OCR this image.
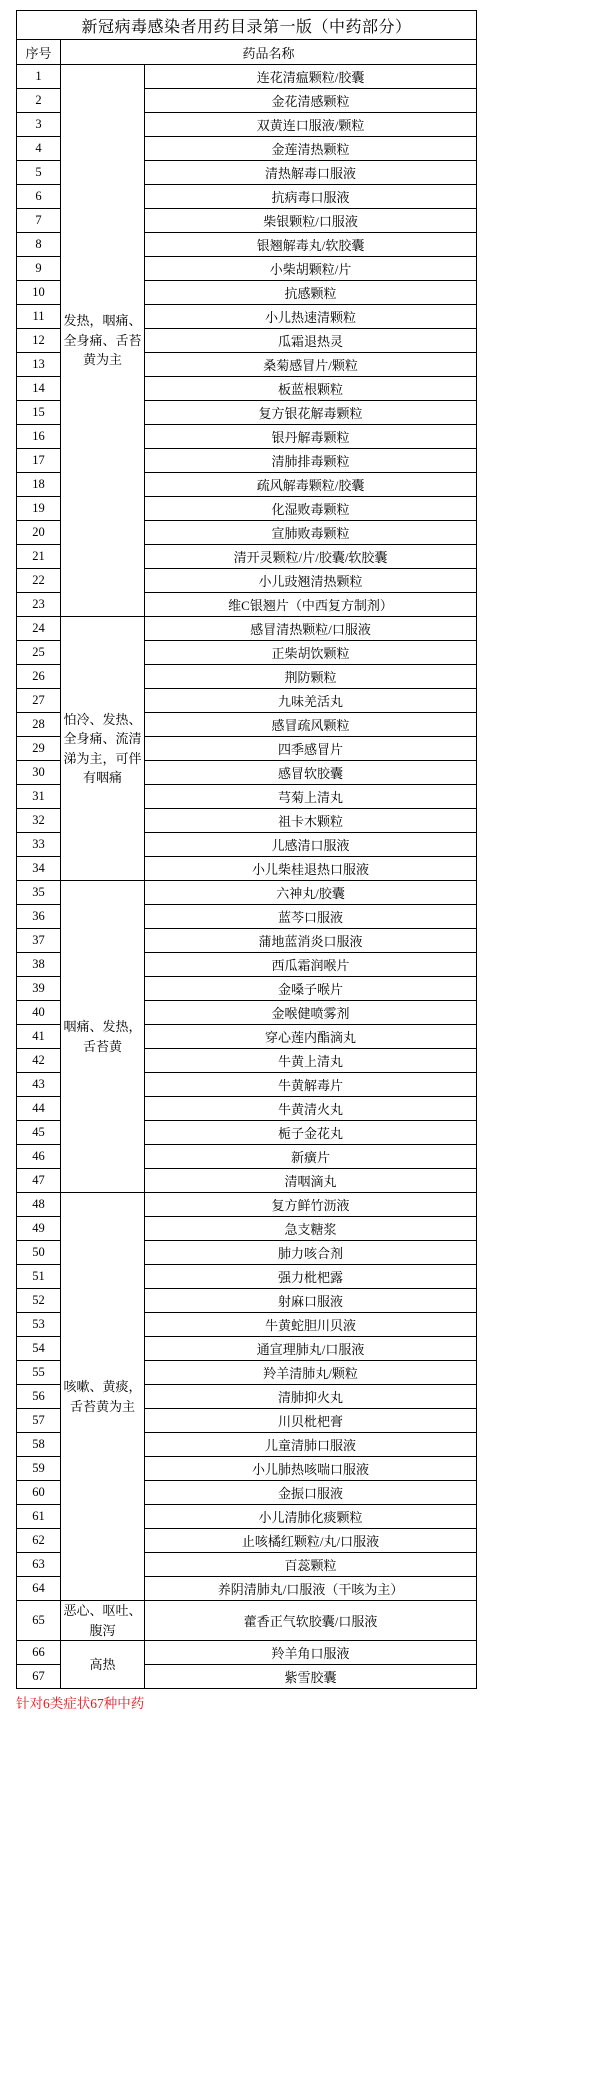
新冠病毒感染者用药目录第一版（中药部分）		
序号	药品名称	
1	发热，咽痛、全身痛、舌苔黄为主	连花清瘟颗粒/胶囊
2		金花清感颗粒
3		双黄连口服液/颗粒
4		金莲清热颗粒
5		清热解毒口服液
6		抗病毒口服液
7		柴银颗粒/口服液
8		银翘解毒丸/软胶囊
9		小柴胡颗粒/片
10		抗感颗粒
11		小儿热速清颗粒
12		瓜霜退热灵
13		桑菊感冒片/颗粒
14		板蓝根颗粒
15		复方银花解毒颗粒
16		银丹解毒颗粒
17		清肺排毒颗粒
18		疏风解毒颗粒/胶囊
19		化湿败毒颗粒
20		宣肺败毒颗粒
21		清开灵颗粒/片/胶囊/软胶囊
22		小儿豉翘清热颗粒
23		维C银翘片（中西复方制剂）
24	怕冷、发热、全身痛、流清涕为主，可伴有咽痛	感冒清热颗粒/口服液
25		正柴胡饮颗粒
26		荆防颗粒
27		九味羌活丸
28		感冒疏风颗粒
29		四季感冒片
30		感冒软胶囊
31		芎菊上清丸
32		祖卡木颗粒
33		儿感清口服液
34		小儿柴桂退热口服液
35	咽痛、发热，舌苔黄	六神丸/胶囊
36		蓝芩口服液
37		蒲地蓝消炎口服液
38		西瓜霜润喉片
39		金嗓子喉片
40		金喉健喷雾剂
41		穿心莲内酯滴丸
42		牛黄上清丸
43		牛黄解毒片
44		牛黄清火丸
45		栀子金花丸
46		新癀片
47		清咽滴丸
48	咳嗽、黄痰，舌苔黄为主	复方鲜竹沥液
49		急支糖浆
50		肺力咳合剂
51		强力枇杷露
52		射麻口服液
53		牛黄蛇胆川贝液
54		通宣理肺丸/口服液
55		羚羊清肺丸/颗粒
56		清肺抑火丸
57		川贝枇杷膏
58		儿童清肺口服液
59		小儿肺热咳喘口服液
60		金振口服液
61		小儿清肺化痰颗粒
62		止咳橘红颗粒/丸/口服液
63		百蕊颗粒
64		养阴清肺丸/口服液（干咳为主）
65	恶心、呕吐、腹泻	藿香正气软胶囊/口服液
66	高热	羚羊角口服液
67		紫雪胶囊
针对6类症状67种中药
